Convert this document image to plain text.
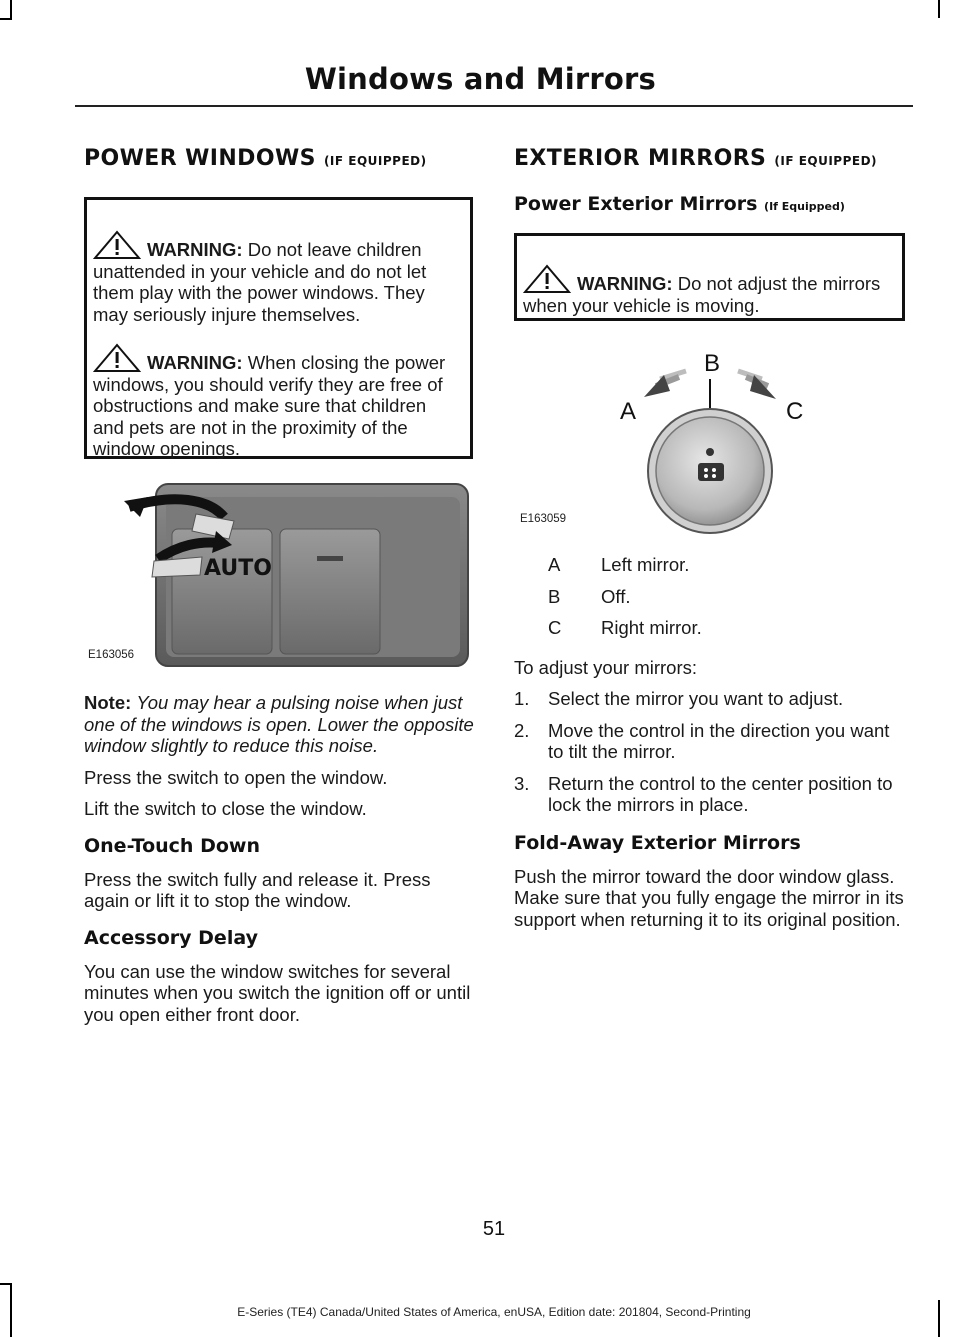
Windows and Mirrors
POWER WINDOWS (IF EQUIPPED)
WARNING: Do not leave children unattended in your vehicle and do not let them play with the power windows. They may seriously injure themselves.
WARNING: When closing the power windows, you should verify they are free of obstructions and make sure that children and pets are not in the proximity of the window openings.
AUTO
E163056

Note: You may hear a pulsing noise when just one of the windows is open. Lower the opposite window slightly to reduce this noise.

Press the switch to open the window.

Lift the switch to close the window.

One-Touch Down

Press the switch fully and release it. Press again or lift it to stop the window.

Accessory Delay

You can use the window switches for several minutes when you switch the ignition off or until you open either front door.

EXTERIOR MIRRORS (IF EQUIPPED)
Power Exterior Mirrors (If Equipped)
WARNING: Do not adjust the mirrors when your vehicle is moving.
B
A	C
E163059
A	Left mirror.
B	Off.
C	Right mirror.

To adjust your mirrors:

1. Select the mirror you want to adjust.
2. Move the control in the direction you want to tilt the mirror.
3. Return the control to the center position to lock the mirrors in place.
Fold-Away Exterior Mirrors

Push the mirror toward the door window glass. Make sure that you fully engage the mirror in its support when returning it to its original position.

51
E-Series (TE4) Canada/United States of America, enUSA, Edition date: 201804, Second-Printing
